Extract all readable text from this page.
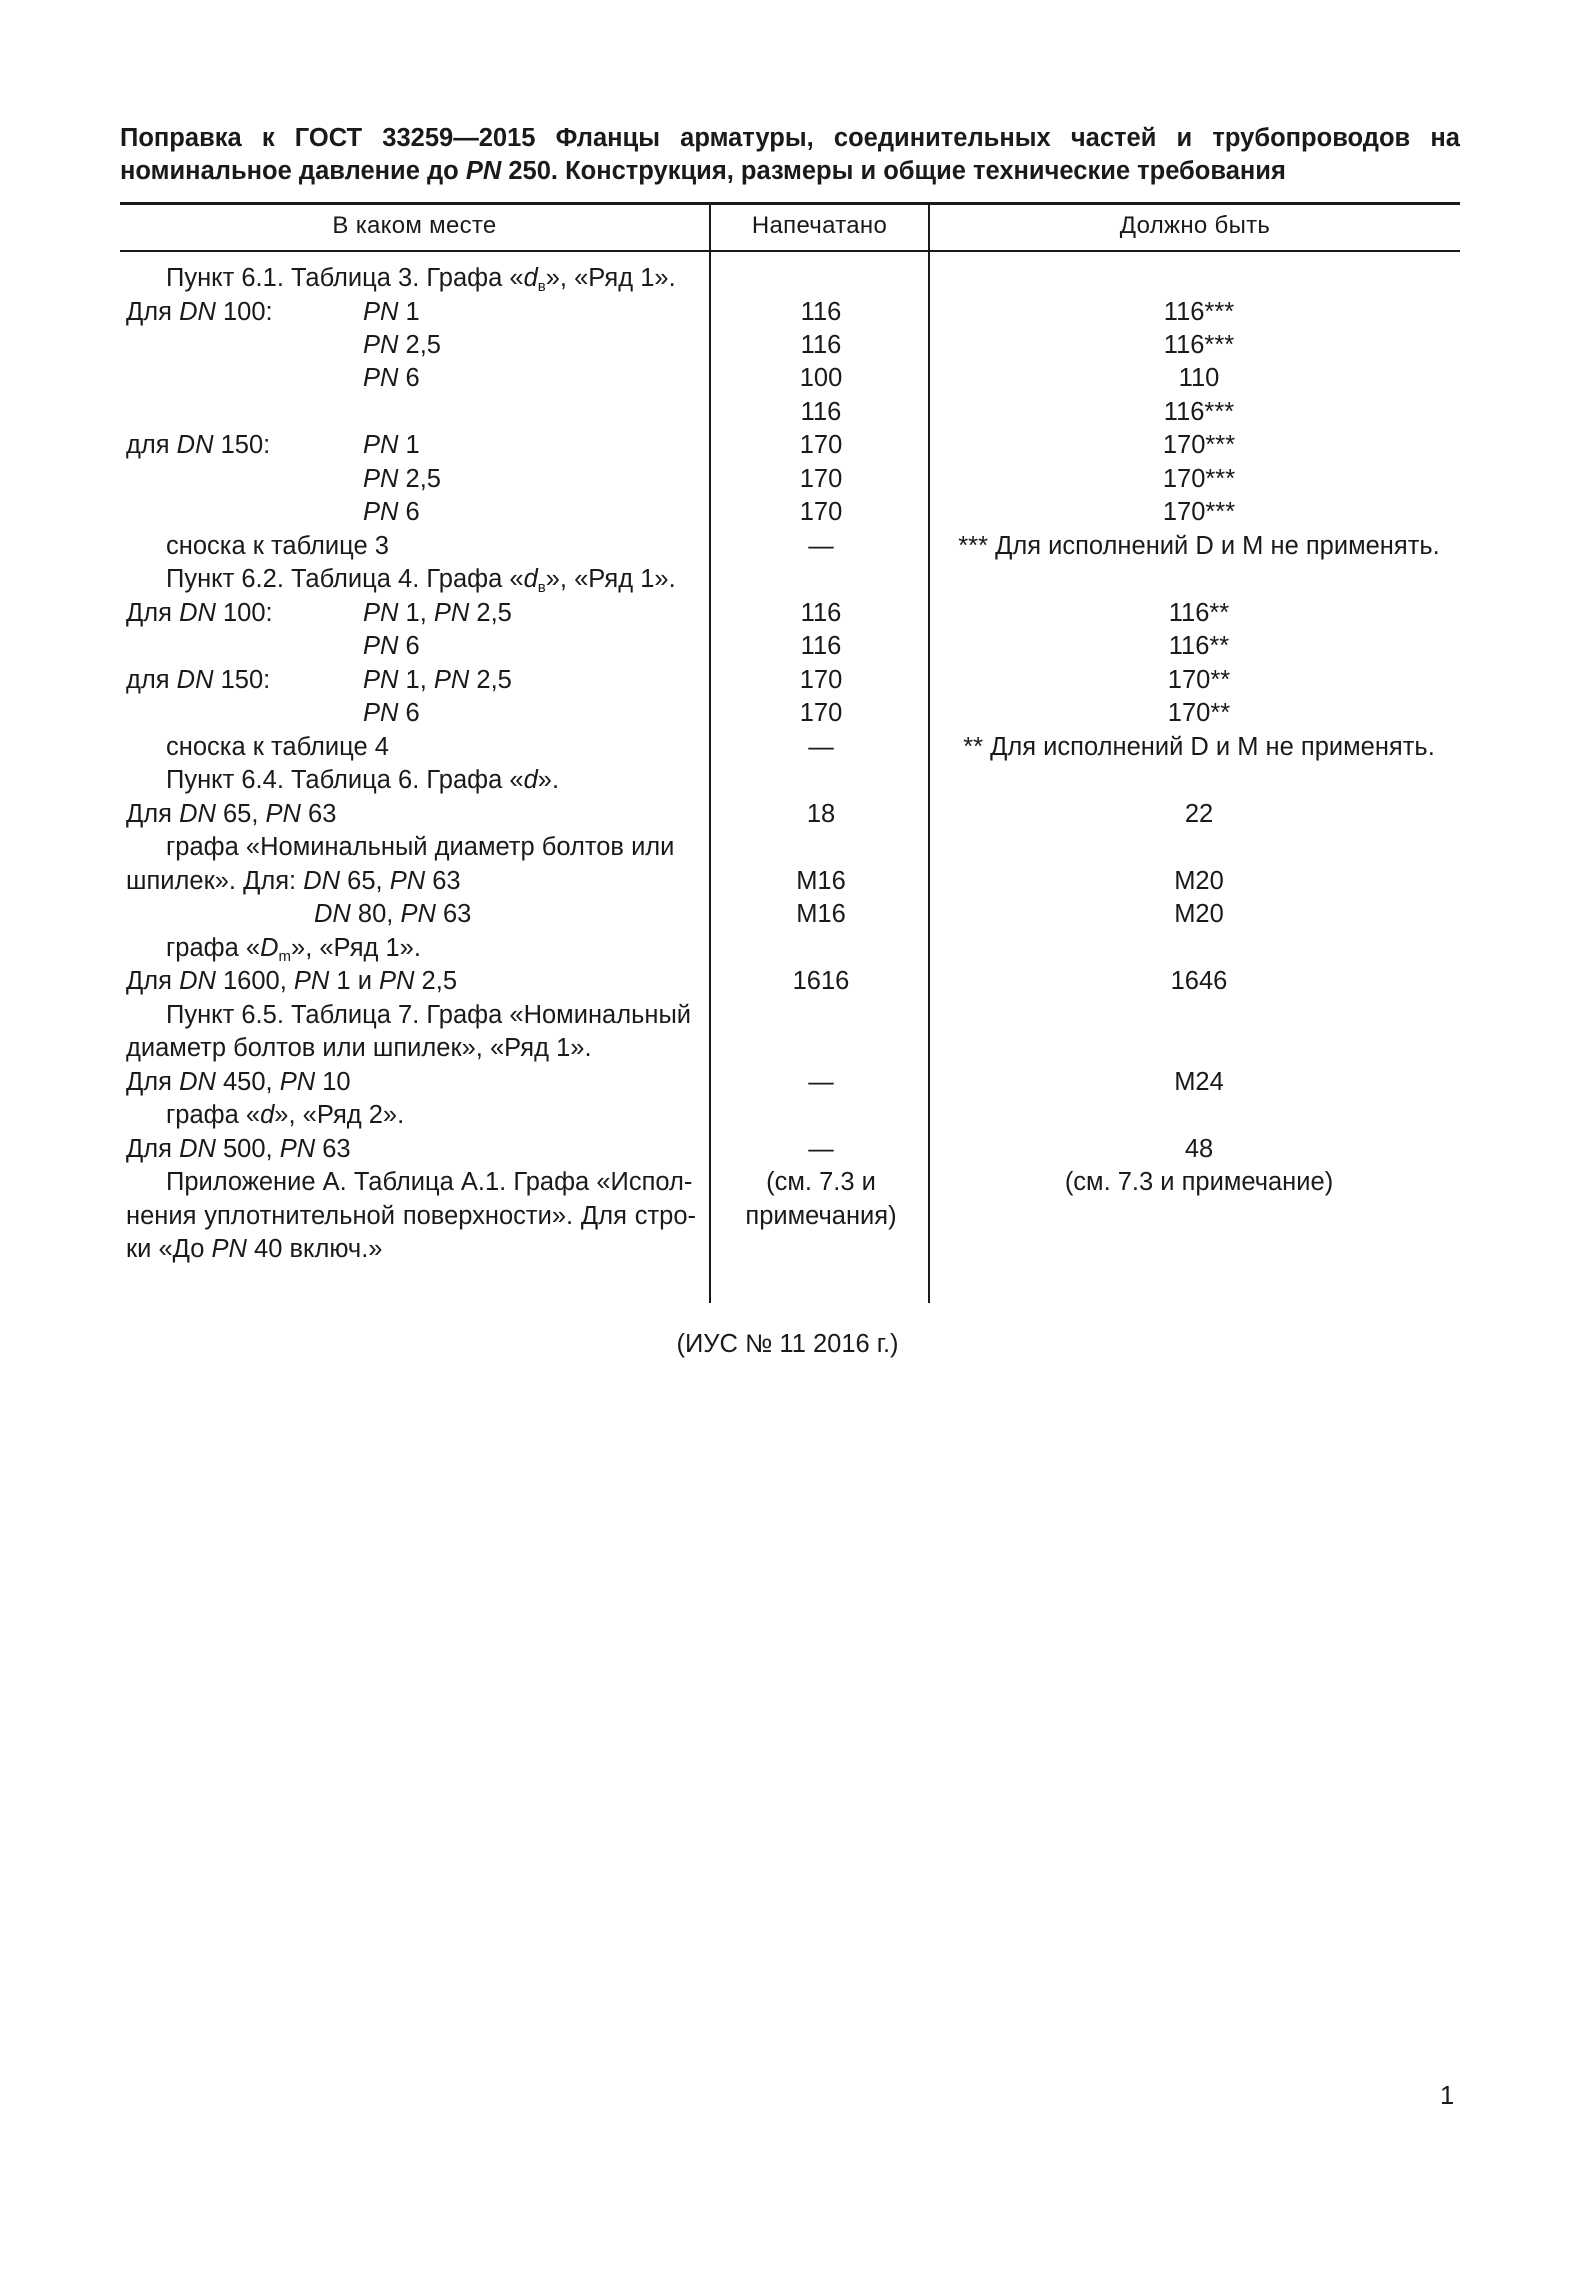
Поправка к ГОСТ 33259—2015 Фланцы арматуры, соединительных частей и трубопроводов на
номинальное давление до PN 250. Конструкция, размеры и общие технические требования
В каком месте	Напечатано	Должно быть
Пункт 6.1. Таблица 3. Графа «$d_в$», «Ряд 1».
Для DN 100:	PN 1	116	116***
PN 2,5	116	116***
PN 6	100	110
116	116***
для DN 150:	PN 1	170	170***
PN 2,5	170	170***
PN 6	170	170***
сноска к таблице 3	—	*** Для исполнений D и M не применять.
Пункт 6.2. Таблица 4. Графа «$d_в$», «Ряд 1».
Для DN 100:	PN 1, PN 2,5	116	116**
PN 6	116	116**
для DN 150:	PN 1, PN 2,5	170	170**
PN 6	170	170**
сноска к таблице 4	—	** Для исполнений D и M не применять.
Пункт 6.4. Таблица 6. Графа «d».
Для DN 65, PN 63	18	22
графа «Номинальный диаметр болтов или
шпилек». Для: DN 65, PN 63	M16	M20
DN 80, PN 63	M16	M20
графа «$D_m$», «Ряд 1».
Для DN 1600, PN 1 и PN 2,5	1616	1646
Пункт 6.5. Таблица 7. Графа «Номинальный
диаметр болтов или шпилек», «Ряд 1».
Для DN 450, PN 10	—	M24
графа «d», «Ряд 2».
Для DN 500, PN 63	—	48
Приложение А. Таблица А.1. Графа «Испол-	(см. 7.3 и	(см. 7.3 и примечание)
нения уплотнительной поверхности». Для стро-	примечания)
ки «До PN 40 включ.»
(ИУС № 11 2016 г.)
1
